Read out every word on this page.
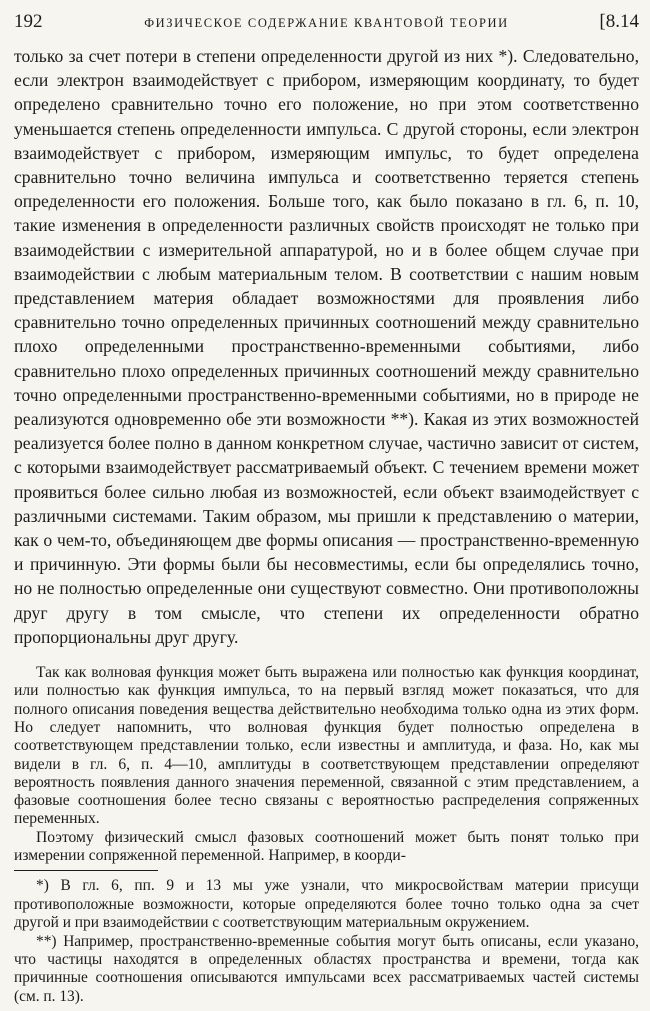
192	ФИЗИЧЕСКОЕ СОДЕРЖАНИЕ КВАНТОВОЙ ТЕОРИИ	[8.14

только за счет потери в степени определенности другой из них *). Следовательно, если электрон взаимодействует с прибором, измеряющим координату, то будет определено сравнительно точно его положение, но при этом соответственно уменьшается степень определенности импульса. С другой стороны, если электрон взаимодействует с прибором, измеряющим импульс, то будет определена сравнительно точно величина импульса и соответственно теряется степень определенности его положения. Больше того, как было показано в гл. 6, п. 10, такие изменения в определенности различных свойств происходят не только при взаимодействии с измерительной аппаратурой, но и в более общем случае при взаимодействии с любым материальным телом. В соответствии с нашим новым представлением материя обладает возможностями для проявления либо сравнительно точно определенных причинных соотношений между сравнительно плохо определенными пространственно-временными событиями, либо сравнительно плохо определенных причинных соотношений между сравнительно точно определенными пространственно-временными событиями, но в природе не реализуются одновременно обе эти возможности **). Какая из этих возможностей реализуется более полно в данном конкретном случае, частично зависит от систем, с которыми взаимодействует рассматриваемый объект. С течением времени может проявиться более сильно любая из возможностей, если объект взаимодействует с различными системами. Таким образом, мы пришли к представлению о материи, как о чем-то, объединяющем две формы описания — пространственно-временную и причинную. Эти формы были бы несовместимы, если бы определялись точно, но не полностью определенные они существуют совместно. Они противоположны друг другу в том смысле, что степени их определенности обратно пропорциональны друг другу.

Так как волновая функция может быть выражена или полностью как функция координат, или полностью как функция импульса, то на первый взгляд может показаться, что для полного описания поведения вещества действительно необходима только одна из этих форм. Но следует напомнить, что волновая функция будет полностью определена в соответствующем представлении только, если известны и амплитуда, и фаза. Но, как мы видели в гл. 6, п. 4—10, амплитуды в соответствующем представлении определяют вероятность появления данного значения переменной, связанной с этим представлением, а фазовые соотношения более тесно связаны с вероятностью распределения сопряженных переменных.

Поэтому физический смысл фазовых соотношений может быть понят только при измерении сопряженной переменной. Например, в коорди-

*) В гл. 6, пп. 9 и 13 мы уже узнали, что микросвойствам материи присущи противоположные возможности, которые определяются более точно только одна за счет другой и при взаимодействии с соответствующим материальным окружением.

**) Например, пространственно-временные события могут быть описаны, если указано, что частицы находятся в определенных областях пространства и времени, тогда как причинные соотношения описываются импульсами всех рассматриваемых частей системы (см. п. 13).
